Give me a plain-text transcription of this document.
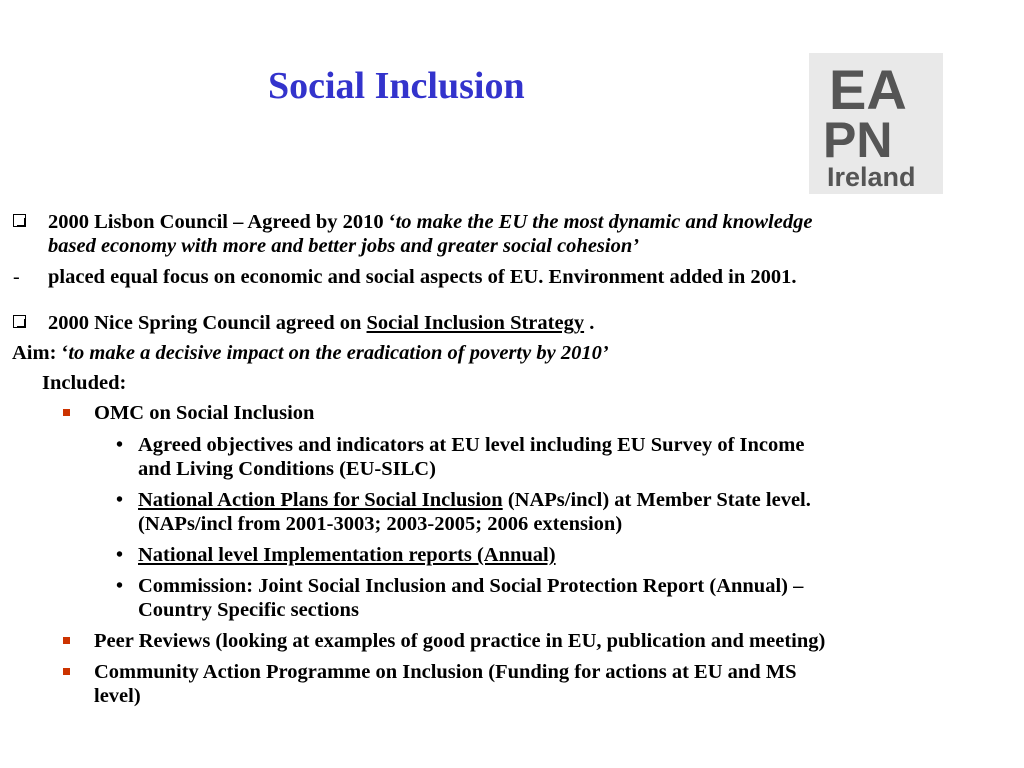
Social Inclusion	EA
PN
Ireland
2000 Lisbon Council – Agreed by 2010 ‘to make the EU the most dynamic and knowledge
based economy with more and better jobs and greater social cohesion’
- placed equal focus on economic and social aspects of EU. Environment added in 2001.
2000 Nice Spring Council agreed on Social Inclusion Strategy .
Aim: ‘to make a decisive impact on the eradication of poverty by 2010’
Included:
OMC on Social Inclusion
• Agreed objectives and indicators at EU level including EU Survey of Income
and Living Conditions (EU-SILC)
• National Action Plans for Social Inclusion (NAPs/incl) at Member State level.
(NAPs/incl from 2001-3003; 2003-2005; 2006 extension)
• National level Implementation reports (Annual)
• Commission: Joint Social Inclusion and Social Protection Report (Annual) –
Country Specific sections
Peer Reviews (looking at examples of good practice in EU, publication and meeting)
Community Action Programme on Inclusion (Funding for actions at EU and MS
level)
